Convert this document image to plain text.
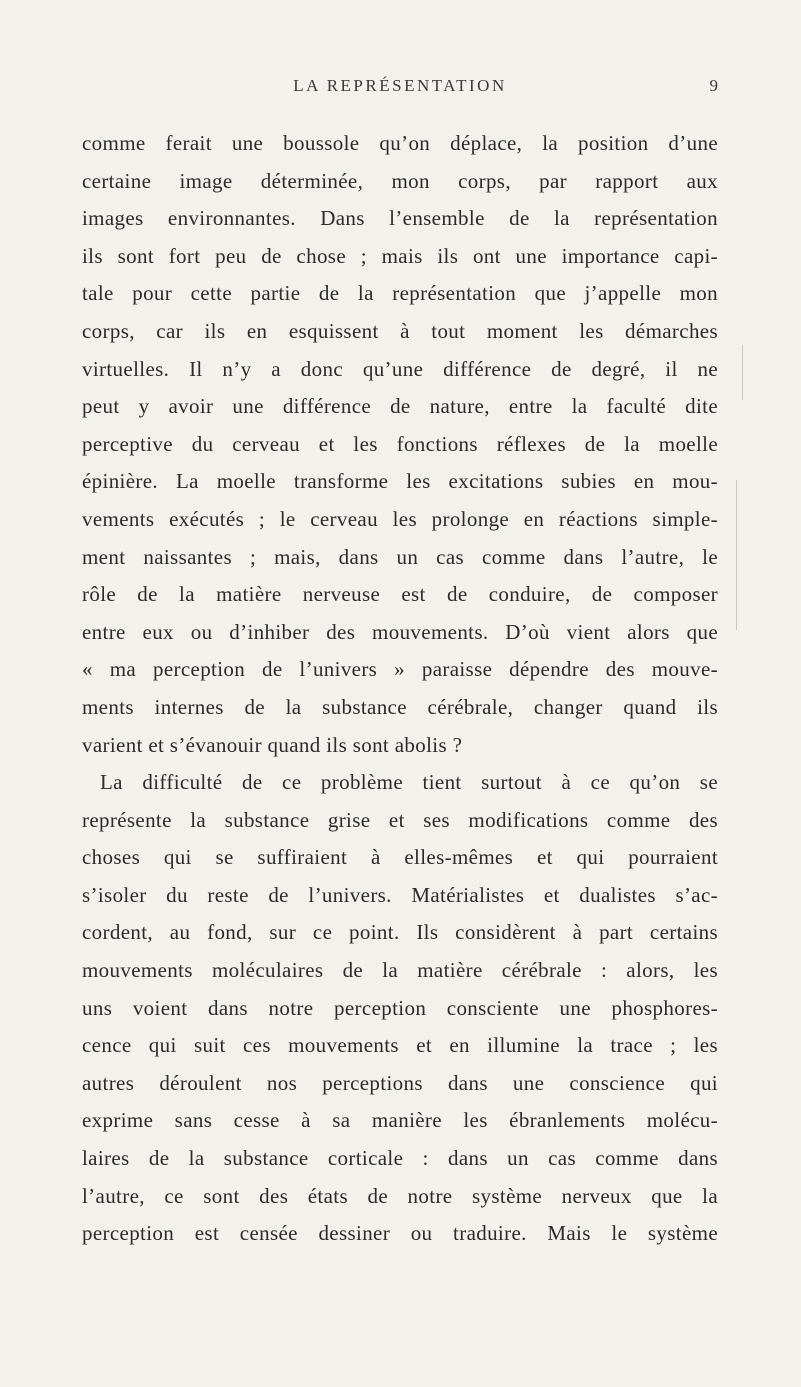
LA REPRÉSENTATION	9
comme ferait une boussole qu’on déplace, la position d’une
certaine image déterminée, mon corps, par rapport aux
images environnantes. Dans l’ensemble de la représentation
ils sont fort peu de chose ; mais ils ont une importance capi-
tale pour cette partie de la représentation que j’appelle mon
corps, car ils en esquissent à tout moment les démarches
virtuelles. Il n’y a donc qu’une différence de degré, il ne
peut y avoir une différence de nature, entre la faculté dite
perceptive du cerveau et les fonctions réflexes de la moelle
épinière. La moelle transforme les excitations subies en mou-
vements exécutés ; le cerveau les prolonge en réactions simple-
ment naissantes ; mais, dans un cas comme dans l’autre, le
rôle de la matière nerveuse est de conduire, de composer
entre eux ou d’inhiber des mouvements. D’où vient alors que
« ma perception de l’univers » paraisse dépendre des mouve-
ments internes de la substance cérébrale, changer quand ils
varient et s’évanouir quand ils sont abolis ?
La difficulté de ce problème tient surtout à ce qu’on se
représente la substance grise et ses modifications comme des
choses qui se suffiraient à elles-mêmes et qui pourraient
s’isoler du reste de l’univers. Matérialistes et dualistes s’ac-
cordent, au fond, sur ce point. Ils considèrent à part certains
mouvements moléculaires de la matière cérébrale : alors, les
uns voient dans notre perception consciente une phosphores-
cence qui suit ces mouvements et en illumine la trace ; les
autres déroulent nos perceptions dans une conscience qui
exprime sans cesse à sa manière les ébranlements molécu-
laires de la substance corticale : dans un cas comme dans
l’autre, ce sont des états de notre système nerveux que la
perception est censée dessiner ou traduire. Mais le système
